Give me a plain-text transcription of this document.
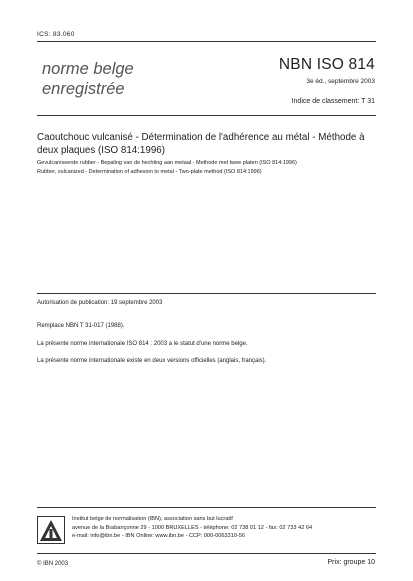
ICS: 83.060
norme belge
enregistrée
NBN ISO 814
3e éd., septembre 2003
Indice de classement: T 31
Caoutchouc vulcanisé - Détermination de l'adhérence au métal - Méthode à deux plaques (ISO 814:1996)
Gevulcaniseerde rubber - Bepaling van de hechting aan metaal - Methode met twee platen (ISO 814:1996)
Rubber, vulcanized - Determination of adhesion to metal - Two-plate method (ISO 814:1996)
Autorisation de publication: 19 septembre 2003
Remplace NBN T 31-017 (1988).
La présente norme internationale ISO 814 : 2003 a le statut d'une norme belge.
La présente norme internationale existe en deux versions officielles (anglais, français).
Institut belge de normalisation (IBN), association sans but lucratif
avenue de la Brabançonne 29 - 1000 BRUXELLES - téléphone: 02 738 01 12 - fax: 02 733 42 64
e-mail: info@ibn.be - IBN Online: www.ibn.be - CCP: 000-0063310-56
© IBN 2003	Prix: groupe 10
